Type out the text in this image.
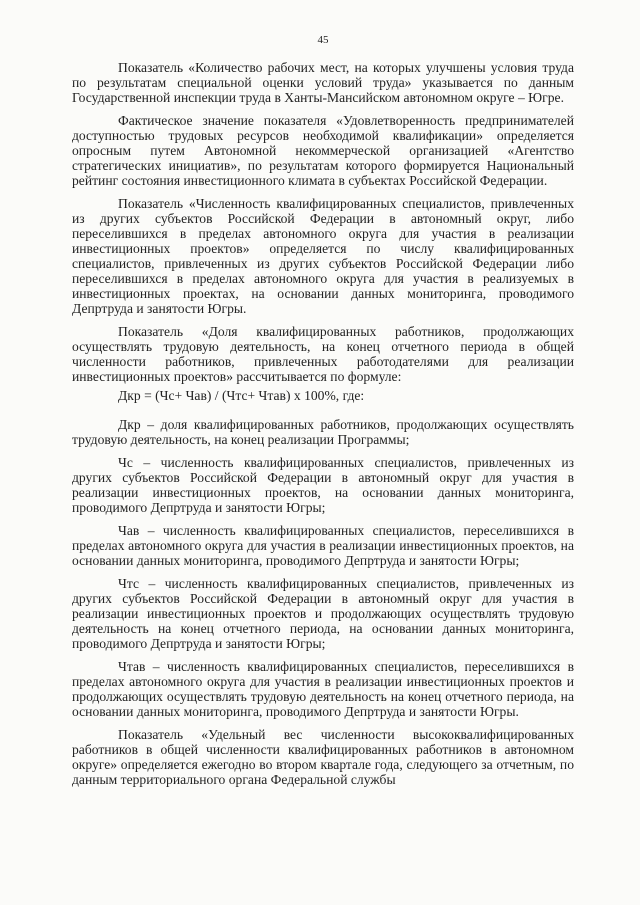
45

Показатель «Количество рабочих мест, на которых улучшены условия труда по результатам специальной оценки условий труда» указывается по данным Государственной инспекции труда в Ханты-Мансийском автономном округе – Югре.

Фактическое значение показателя «Удовлетворенность предпринимателей доступностью трудовых ресурсов необходимой квалификации» определяется опросным путем Автономной некоммерческой организацией «Агентство стратегических инициатив», по результатам которого формируется Национальный рейтинг состояния инвестиционного климата в субъектах Российской Федерации.

Показатель «Численность квалифицированных специалистов, привлеченных из других субъектов Российской Федерации в автономный округ, либо переселившихся в пределах автономного округа для участия в реализации инвестиционных проектов» определяется по числу квалифицированных специалистов, привлеченных из других субъектов Российской Федерации либо переселившихся в пределах автономного округа для участия в реализуемых в инвестиционных проектах, на основании данных мониторинга, проводимого Депртруда и занятости Югры.

Показатель «Доля квалифицированных работников, продолжающих осуществлять трудовую деятельность, на конец отчетного периода в общей численности работников, привлеченных работодателями для реализации инвестиционных проектов» рассчитывается по формуле:

Дкр = (Чс+ Чав) / (Чтс+ Чтав) х 100%, где:

Дкр – доля квалифицированных работников, продолжающих осуществлять трудовую деятельность, на конец реализации Программы;

Чс – численность квалифицированных специалистов, привлеченных из других субъектов Российской Федерации в автономный округ для участия в реализации инвестиционных проектов, на основании данных мониторинга, проводимого Депртруда и занятости Югры;

Чав – численность квалифицированных специалистов, переселившихся в пределах автономного округа для участия в реализации инвестиционных проектов, на основании данных мониторинга, проводимого Депртруда и занятости Югры;

Чтс – численность квалифицированных специалистов, привлеченных из других субъектов Российской Федерации в автономный округ для участия в реализации инвестиционных проектов и продолжающих осуществлять трудовую деятельность на конец отчетного периода, на основании данных мониторинга, проводимого Депртруда и занятости Югры;

Чтав – численность квалифицированных специалистов, переселившихся в пределах автономного округа для участия в реализации инвестиционных проектов и продолжающих осуществлять трудовую деятельность на конец отчетного периода, на основании данных мониторинга, проводимого Депртруда и занятости Югры.

Показатель «Удельный вес численности высококвалифицированных работников в общей численности квалифицированных работников в автономном округе» определяется ежегодно во втором квартале года, следующего за отчетным, по данным территориального органа Федеральной службы
